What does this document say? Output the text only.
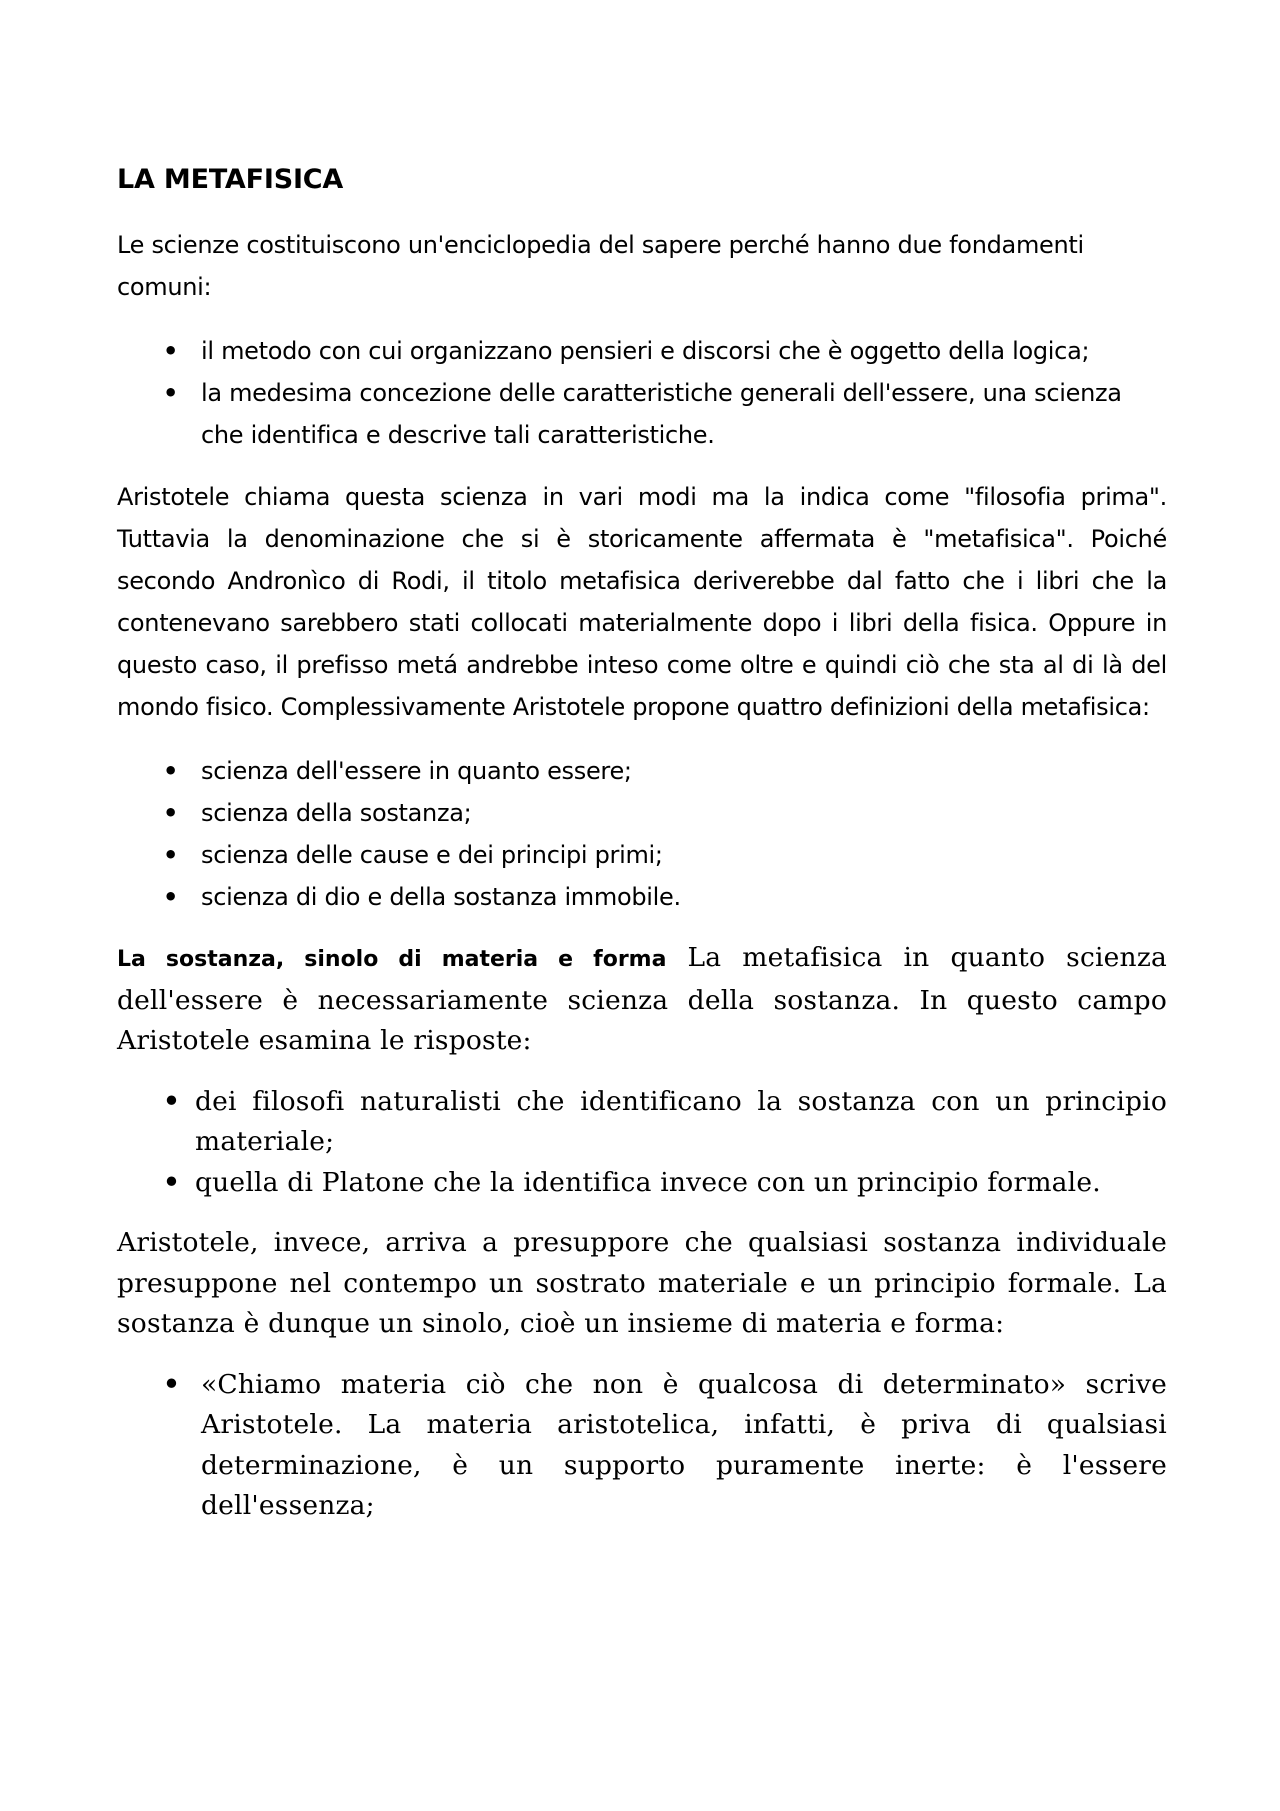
LA METAFISICA

Le scienze costituiscono un'enciclopedia del sapere perché hanno due fondamenti comuni:

• il metodo con cui organizzano pensieri e discorsi che è oggetto della logica;
• la medesima concezione delle caratteristiche generali dell'essere, una scienza che identifica e descrive tali caratteristiche.

Aristotele chiama questa scienza in vari modi ma la indica come "filosofia prima". Tuttavia la denominazione che si è storicamente affermata è "metafisica". Poiché secondo Andronìco di Rodi, il titolo metafisica deriverebbe dal fatto che i libri che la contenevano sarebbero stati collocati materialmente dopo i libri della fisica. Oppure in questo caso, il prefisso metá andrebbe inteso come oltre e quindi ciò che sta al di là del mondo fisico. Complessivamente Aristotele propone quattro definizioni della metafisica:

• scienza dell'essere in quanto essere;
• scienza della sostanza;
• scienza delle cause e dei principi primi;
• scienza di dio e della sostanza immobile.

La sostanza, sinolo di materia e forma La metafisica in quanto scienza dell'essere è necessariamente scienza della sostanza. In questo campo Aristotele esamina le risposte:

• dei filosofi naturalisti che identificano la sostanza con un principio materiale;
• quella di Platone che la identifica invece con un principio formale.

Aristotele, invece, arriva a presuppore che qualsiasi sostanza individuale presuppone nel contempo un sostrato materiale e un principio formale. La sostanza è dunque un sinolo, cioè un insieme di materia e forma:

• «Chiamo materia ciò che non è qualcosa di determinato» scrive Aristotele. La materia aristotelica, infatti, è priva di qualsiasi determinazione, è un supporto puramente inerte: è l'essere dell'essenza;
